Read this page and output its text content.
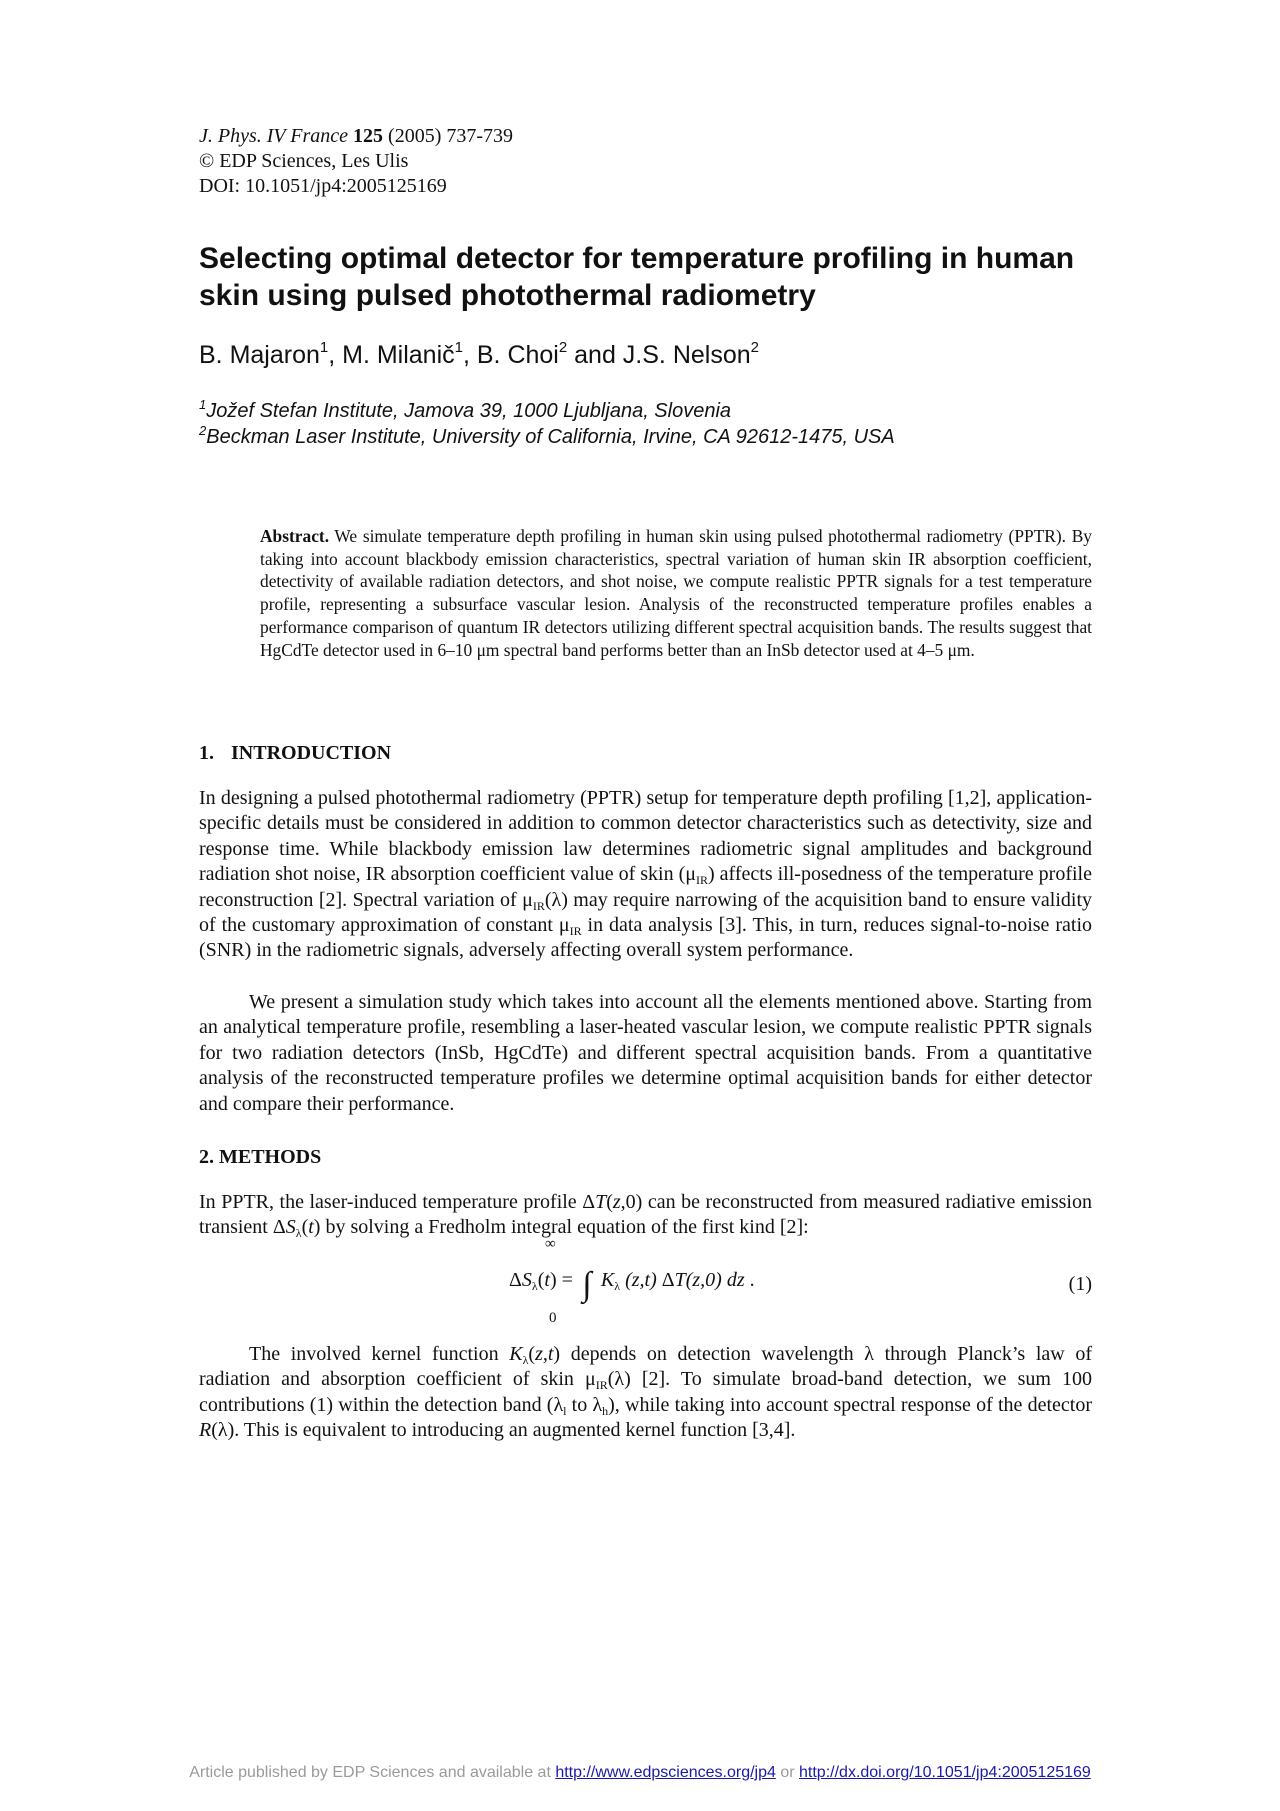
J. Phys. IV France 125 (2005) 737-739
© EDP Sciences, Les Ulis
DOI: 10.1051/jp4:2005125169
Selecting optimal detector for temperature profiling in human skin using pulsed photothermal radiometry
B. Majaron$^1$, M. Milanič$^1$, B. Choi$^2$ and J.S. Nelson$^2$
$^1$Jožef Stefan Institute, Jamova 39, 1000 Ljubljana, Slovenia
$^2$Beckman Laser Institute, University of California, Irvine, CA 92612-1475, USA
Abstract. We simulate temperature depth profiling in human skin using pulsed photothermal radiometry (PPTR). By taking into account blackbody emission characteristics, spectral variation of human skin IR absorption coefficient, detectivity of available radiation detectors, and shot noise, we compute realistic PPTR signals for a test temperature profile, representing a subsurface vascular lesion. Analysis of the reconstructed temperature profiles enables a performance comparison of quantum IR detectors utilizing different spectral acquisition bands. The results suggest that HgCdTe detector used in 6–10 μm spectral band performs better than an InSb detector used at 4–5 μm.
1. INTRODUCTION
In designing a pulsed photothermal radiometry (PPTR) setup for temperature depth profiling [1,2], application-specific details must be considered in addition to common detector characteristics such as detectivity, size and response time. While blackbody emission law determines radiometric signal amplitudes and background radiation shot noise, IR absorption coefficient value of skin $(\mu_{IR})$ affects ill-posedness of the temperature profile reconstruction [2]. Spectral variation of $\mu_{IR}(\lambda)$ may require narrowing of the acquisition band to ensure validity of the customary approximation of constant $\mu_{IR}$ in data analysis [3]. This, in turn, reduces signal-to-noise ratio (SNR) in the radiometric signals, adversely affecting overall system performance.
We present a simulation study which takes into account all the elements mentioned above. Starting from an analytical temperature profile, resembling a laser-heated vascular lesion, we compute realistic PPTR signals for two radiation detectors (InSb, HgCdTe) and different spectral acquisition bands. From a quantitative analysis of the reconstructed temperature profiles we determine optimal acquisition bands for either detector and compare their performance.
2. METHODS
In PPTR, the laser-induced temperature profile ΔT(z,0) can be reconstructed from measured radiative emission transient $\Delta S_\lambda(t)$ by solving a Fredholm integral equation of the first kind [2]:
∞
$\Delta S_\lambda(t)$ = ∫ $K_\lambda$ (z,t) ΔT(z,0) dz .
0
(1)
The involved kernel function $K_\lambda(z,t)$ depends on detection wavelength λ through Planck’s law of radiation and absorption coefficient of skin $\mu_{IR}(\lambda)$ [2]. To simulate broad-band detection, we sum 100 contributions (1) within the detection band ($\lambda_l$ to $\lambda_h$), while taking into account spectral response of the detector R(λ). This is equivalent to introducing an augmented kernel function [3,4].
Article published by EDP Sciences and available at http://www.edpsciences.org/jp4 or http://dx.doi.org/10.1051/jp4:2005125169
